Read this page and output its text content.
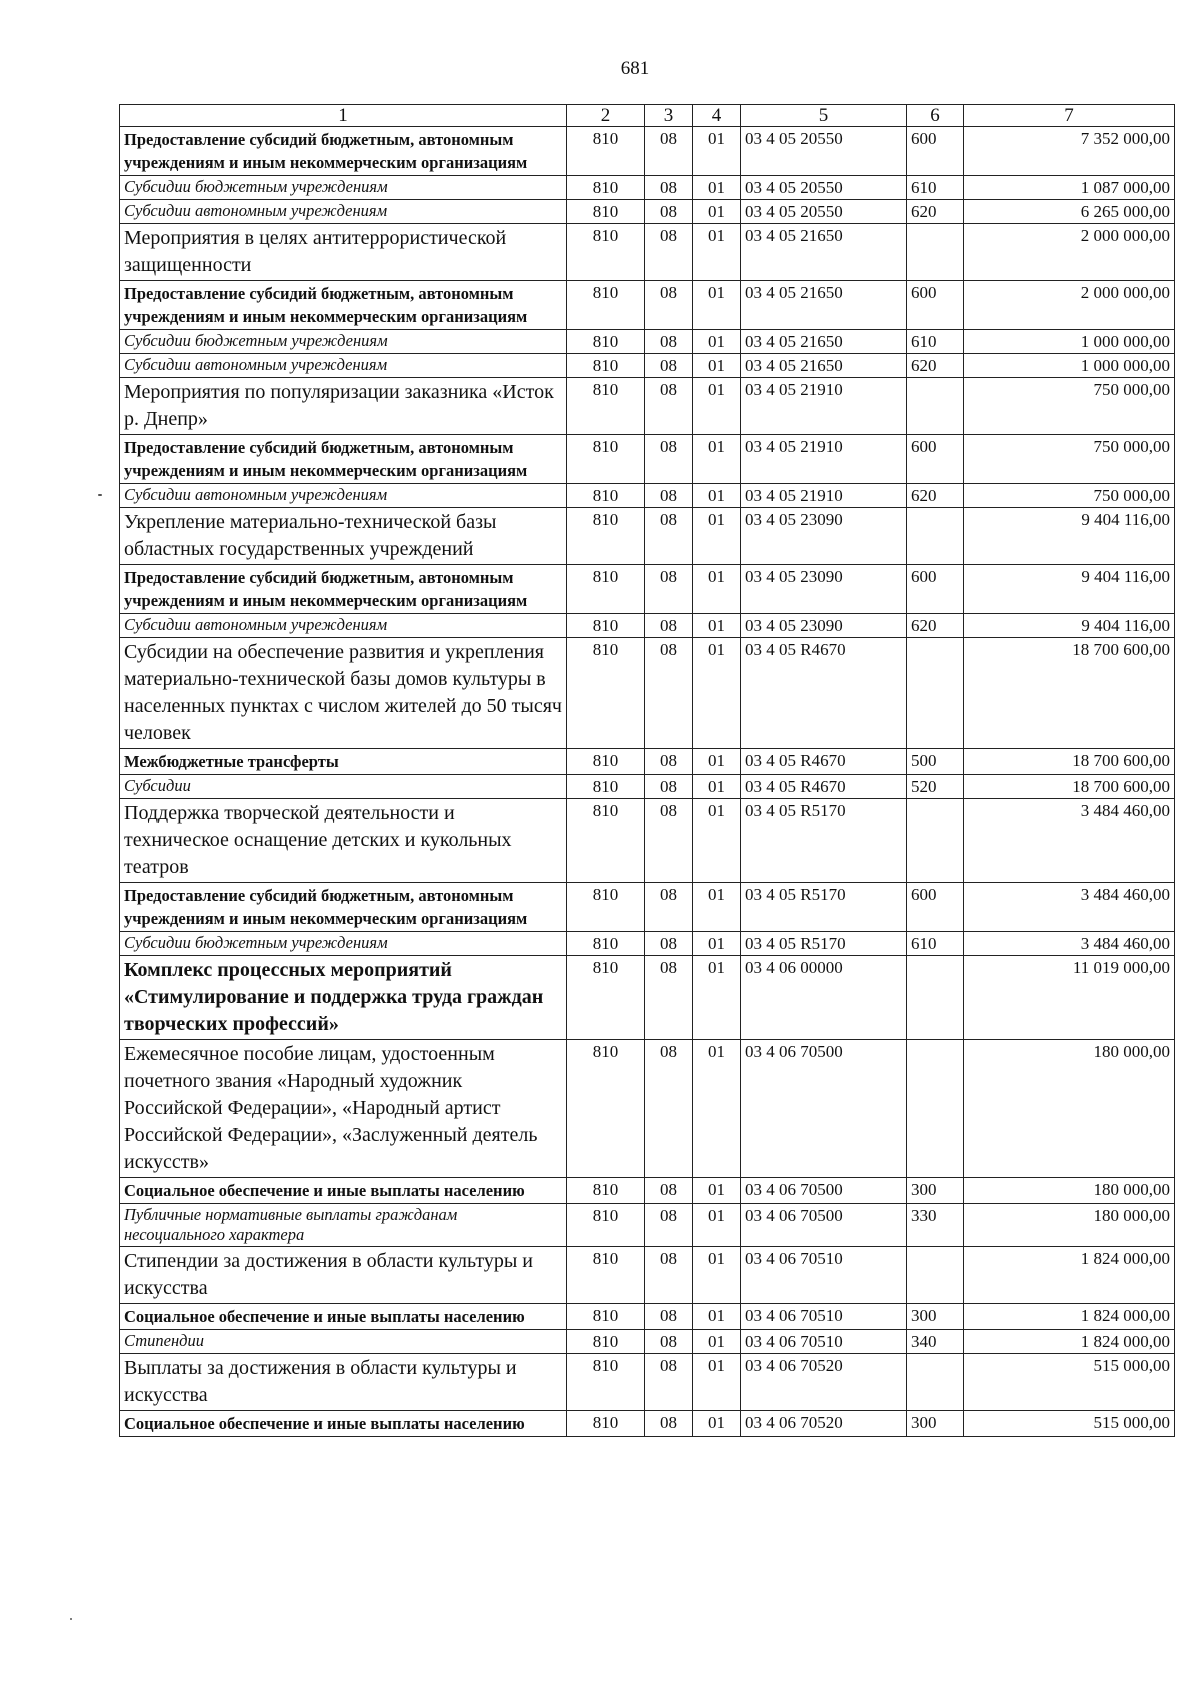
681
1	2	3	4	5	6	7
Предоставление субсидий бюджетным, автономным учреждениям и иным некоммерческим организациям	810	08	01	03 4 05 20550	600	7 352 000,00
Субсидии бюджетным учреждениям	810	08	01	03 4 05 20550	610	1 087 000,00
Субсидии автономным учреждениям	810	08	01	03 4 05 20550	620	6 265 000,00
Мероприятия в целях антитеррористической защищенности	810	08	01	03 4 05 21650		2 000 000,00
Предоставление субсидий бюджетным, автономным учреждениям и иным некоммерческим организациям	810	08	01	03 4 05 21650	600	2 000 000,00
Субсидии бюджетным учреждениям	810	08	01	03 4 05 21650	610	1 000 000,00
Субсидии автономным учреждениям	810	08	01	03 4 05 21650	620	1 000 000,00
Мероприятия по популяризации заказника «Исток р. Днепр»	810	08	01	03 4 05 21910		750 000,00
Предоставление субсидий бюджетным, автономным учреждениям и иным некоммерческим организациям	810	08	01	03 4 05 21910	600	750 000,00
Субсидии автономным учреждениям	810	08	01	03 4 05 21910	620	750 000,00
Укрепление материально-технической базы областных государственных учреждений	810	08	01	03 4 05 23090		9 404 116,00
Предоставление субсидий бюджетным, автономным учреждениям и иным некоммерческим организациям	810	08	01	03 4 05 23090	600	9 404 116,00
Субсидии автономным учреждениям	810	08	01	03 4 05 23090	620	9 404 116,00
Субсидии на обеспечение развития и укрепления материально-технической базы домов культуры в населенных пунктах с числом жителей до 50 тысяч человек	810	08	01	03 4 05 R4670		18 700 600,00
Межбюджетные трансферты	810	08	01	03 4 05 R4670	500	18 700 600,00
Субсидии	810	08	01	03 4 05 R4670	520	18 700 600,00
Поддержка творческой деятельности и техническое оснащение детских и кукольных театров	810	08	01	03 4 05 R5170		3 484 460,00
Предоставление субсидий бюджетным, автономным учреждениям и иным некоммерческим организациям	810	08	01	03 4 05 R5170	600	3 484 460,00
Субсидии бюджетным учреждениям	810	08	01	03 4 05 R5170	610	3 484 460,00
Комплекс процессных мероприятий «Стимулирование и поддержка труда граждан творческих профессий»	810	08	01	03 4 06 00000		11 019 000,00
Ежемесячное пособие лицам, удостоенным почетного звания «Народный художник Российской Федерации», «Народный артист Российской Федерации», «Заслуженный деятель искусств»	810	08	01	03 4 06 70500		180 000,00
Социальное обеспечение и иные выплаты населению	810	08	01	03 4 06 70500	300	180 000,00
Публичные нормативные выплаты гражданам несоциального характера	810	08	01	03 4 06 70500	330	180 000,00
Стипендии за достижения в области культуры и искусства	810	08	01	03 4 06 70510		1 824 000,00
Социальное обеспечение и иные выплаты населению	810	08	01	03 4 06 70510	300	1 824 000,00
Стипендии	810	08	01	03 4 06 70510	340	1 824 000,00
Выплаты за достижения в области культуры и искусства	810	08	01	03 4 06 70520		515 000,00
Социальное обеспечение и иные выплаты населению	810	08	01	03 4 06 70520	300	515 000,00
